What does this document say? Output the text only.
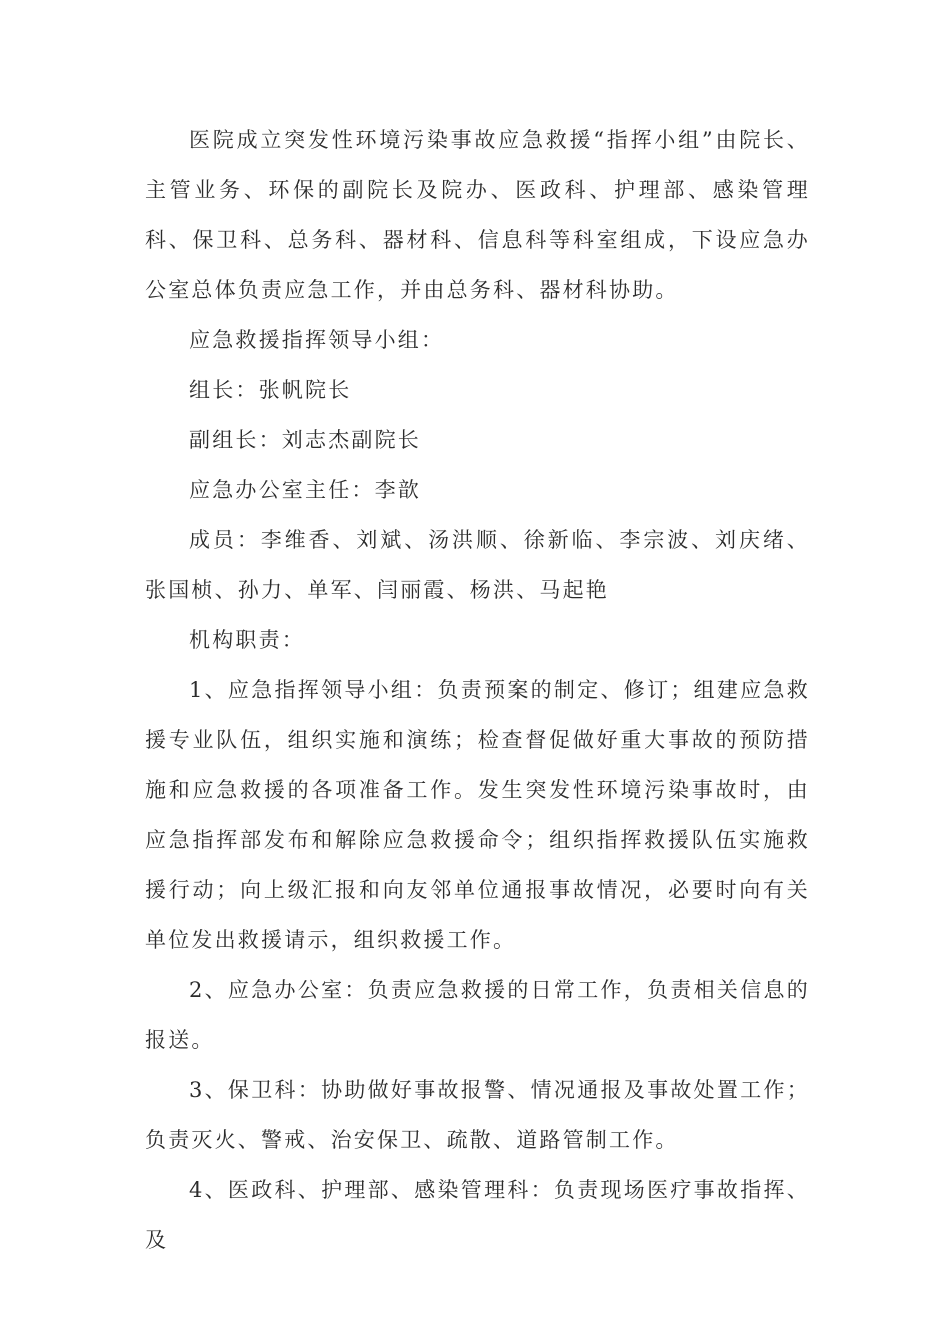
医院成立突发性环境污染事故应急救援“指挥小组”由院长、主管业务、环保的副院长及院办、医政科、护理部、感染管理科、保卫科、总务科、器材科、信息科等科室组成，下设应急办公室总体负责应急工作，并由总务科、器材科协助。

应急救援指挥领导小组：

组长：张帆院长

副组长：刘志杰副院长

应急办公室主任：李歆

成员：李维香、刘斌、汤洪顺、徐新临、李宗波、刘庆绪、张国桢、孙力、单军、闫丽霞、杨洪、马起艳

机构职责：

1、应急指挥领导小组：负责预案的制定、修订；组建应急救援专业队伍，组织实施和演练；检查督促做好重大事故的预防措施和应急救援的各项准备工作。发生突发性环境污染事故时，由应急指挥部发布和解除应急救援命令；组织指挥救援队伍实施救援行动；向上级汇报和向友邻单位通报事故情况，必要时向有关单位发出救援请示，组织救援工作。

2、应急办公室：负责应急救援的日常工作，负责相关信息的报送。

3、保卫科：协助做好事故报警、情况通报及事故处置工作；负责灭火、警戒、治安保卫、疏散、道路管制工作。

4、医政科、护理部、感染管理科：负责现场医疗事故指挥、及
